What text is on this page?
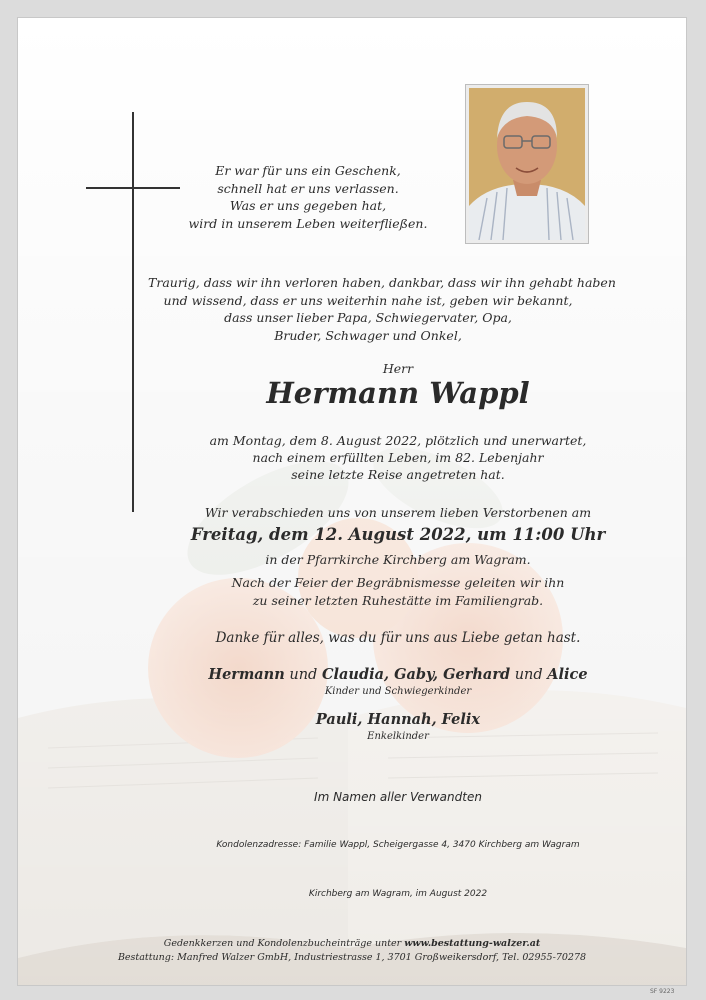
Er war für uns ein Geschenk,
schnell hat er uns verlassen.
Was er uns gegeben hat,
wird in unserem Leben weiterfließen.
Traurig, dass wir ihn verloren haben, dankbar, dass wir ihn gehabt haben
und wissend, dass er uns weiterhin nahe ist, geben wir bekannt,
dass unser lieber Papa, Schwiegervater, Opa,
Bruder, Schwager und Onkel,
Herr
Hermann Wappl
am Montag, dem 8. August 2022, plötzlich und unerwartet,
nach einem erfüllten Leben, im 82. Lebenjahr
seine letzte Reise angetreten hat.
Wir verabschieden uns von unserem lieben Verstorbenen am
Freitag, dem 12. August 2022, um 11:00 Uhr
in der Pfarrkirche Kirchberg am Wagram.
Nach der Feier der Begräbnismesse geleiten wir ihn
zu seiner letzten Ruhestätte im Familiengrab.
Danke für alles, was du für uns aus Liebe getan hast.
Hermann und Claudia, Gaby, Gerhard und Alice
Kinder und Schwiegerkinder
Pauli, Hannah, Felix
Enkelkinder
Im Namen aller Verwandten
Kondolenzadresse: Familie Wappl, Scheigergasse 4, 3470 Kirchberg am Wagram
Kirchberg am Wagram, im August 2022
Gedenkkerzen und Kondolenzbucheinträge unter www.bestattung-walzer.at
Bestattung: Manfred Walzer GmbH, Industriestrasse 1, 3701 Großweikersdorf, Tel. 02955-70278
SF 9223
